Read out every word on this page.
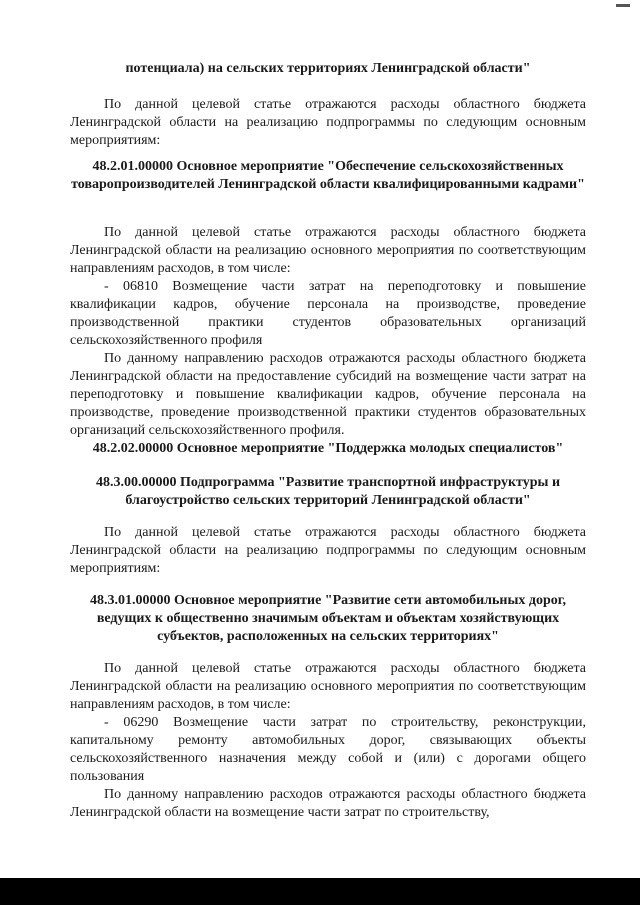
потенциала) на сельских территориях Ленинградской области"

По данной целевой статье отражаются расходы областного бюджета Ленинградской области на реализацию подпрограммы по следующим основным мероприятиям:

48.2.01.00000 Основное мероприятие "Обеспечение сельскохозяйственных товаропроизводителей Ленинградской области квалифицированными кадрами"

По данной целевой статье отражаются расходы областного бюджета Ленинградской области на реализацию основного мероприятия по соответствующим направлениям расходов, в том числе:

- 06810 Возмещение части затрат на переподготовку и повышение квалификации кадров, обучение персонала на производстве, проведение производственной практики студентов образовательных организаций сельскохозяйственного профиля

По данному направлению расходов отражаются расходы областного бюджета Ленинградской области на предоставление субсидий на возмещение части затрат на переподготовку и повышение квалификации кадров, обучение персонала на производстве, проведение производственной практики студентов образовательных организаций сельскохозяйственного профиля.

48.2.02.00000 Основное мероприятие "Поддержка молодых специалистов"

48.3.00.00000 Подпрограмма "Развитие транспортной инфраструктуры и благоустройство сельских территорий Ленинградской области"

По данной целевой статье отражаются расходы областного бюджета Ленинградской области на реализацию подпрограммы по следующим основным мероприятиям:

48.3.01.00000 Основное мероприятие "Развитие сети автомобильных дорог, ведущих к общественно значимым объектам и объектам хозяйствующих субъектов, расположенных на сельских территориях"

По данной целевой статье отражаются расходы областного бюджета Ленинградской области на реализацию основного мероприятия по соответствующим направлениям расходов, в том числе:

- 06290 Возмещение части затрат по строительству, реконструкции, капитальному ремонту автомобильных дорог, связывающих объекты сельскохозяйственного назначения между собой и (или) с дорогами общего пользования

По данному направлению расходов отражаются расходы областного бюджета Ленинградской области на возмещение части затрат по строительству,
